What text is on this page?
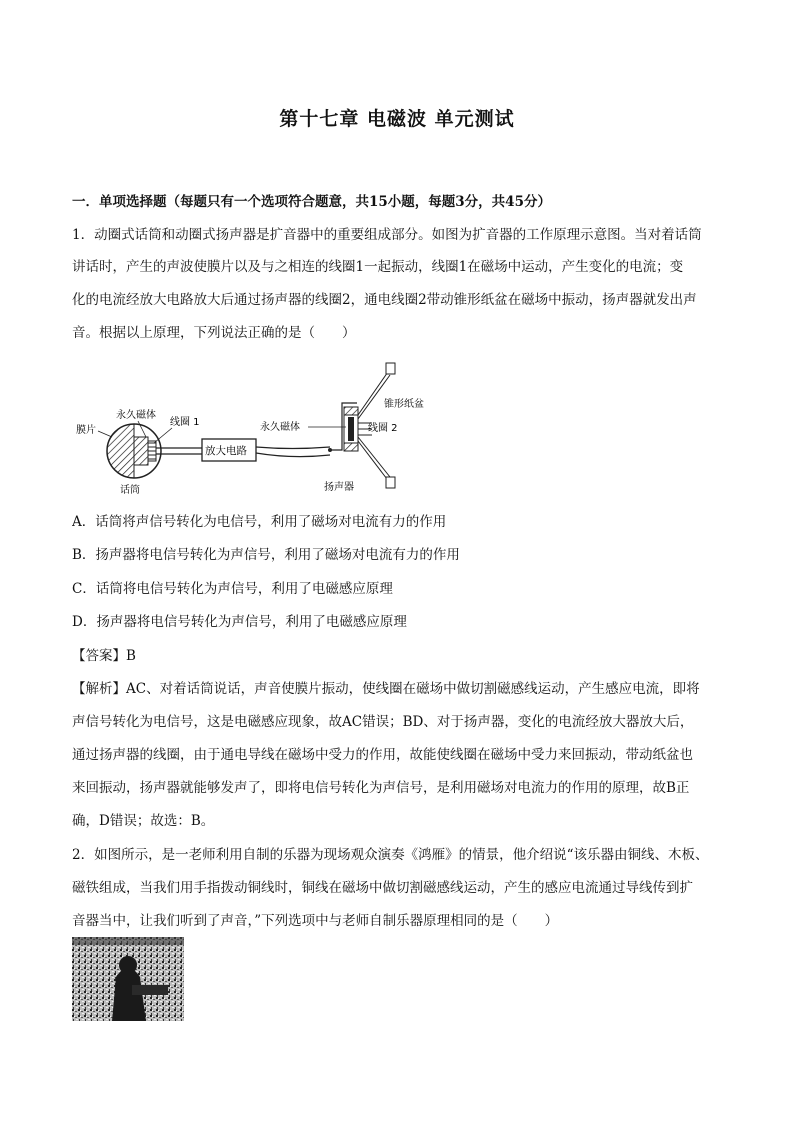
第十七章 电磁波 单元测试
一．单项选择题（每题只有一个选项符合题意，共15小题，每题3分，共45分）
1．动圈式话筒和动圈式扬声器是扩音器中的重要组成部分。如图为扩音器的工作原理示意图。当对着话筒
讲话时，产生的声波使膜片以及与之相连的线圈1一起振动，线圈1在磁场中运动，产生变化的电流；变
化的电流经放大电路放大后通过扬声器的线圈2，通电线圈2带动锥形纸盆在磁场中振动，扬声器就发出声
音。根据以上原理，下列说法正确的是（　　）
永久磁体
线圈 1
膜片
放大电路
永久磁体
锥形纸盆
线圈 2
话筒	扬声器
A．话筒将声信号转化为电信号，利用了磁场对电流有力的作用
B．扬声器将电信号转化为声信号，利用了磁场对电流有力的作用
C．话筒将电信号转化为声信号，利用了电磁感应原理
D．扬声器将电信号转化为声信号，利用了电磁感应原理
【答案】B
【解析】AC、对着话筒说话，声音使膜片振动，使线圈在磁场中做切割磁感线运动，产生感应电流，即将
声信号转化为电信号，这是电磁感应现象，故AC错误；BD、对于扬声器，变化的电流经放大器放大后，
通过扬声器的线圈，由于通电导线在磁场中受力的作用，故能使线圈在磁场中受力来回振动，带动纸盆也
来回振动，扬声器就能够发声了，即将电信号转化为声信号，是利用磁场对电流力的作用的原理，故B正
确，D错误；故选：B。
2．如图所示，是一老师利用自制的乐器为现场观众演奏《鸿雁》的情景，他介绍说“该乐器由铜线、木板、
磁铁组成，当我们用手指拨动铜线时，铜线在磁场中做切割磁感线运动，产生的感应电流通过导线传到扩
音器当中，让我们听到了声音，”下列选项中与老师自制乐器原理相同的是（　　）
